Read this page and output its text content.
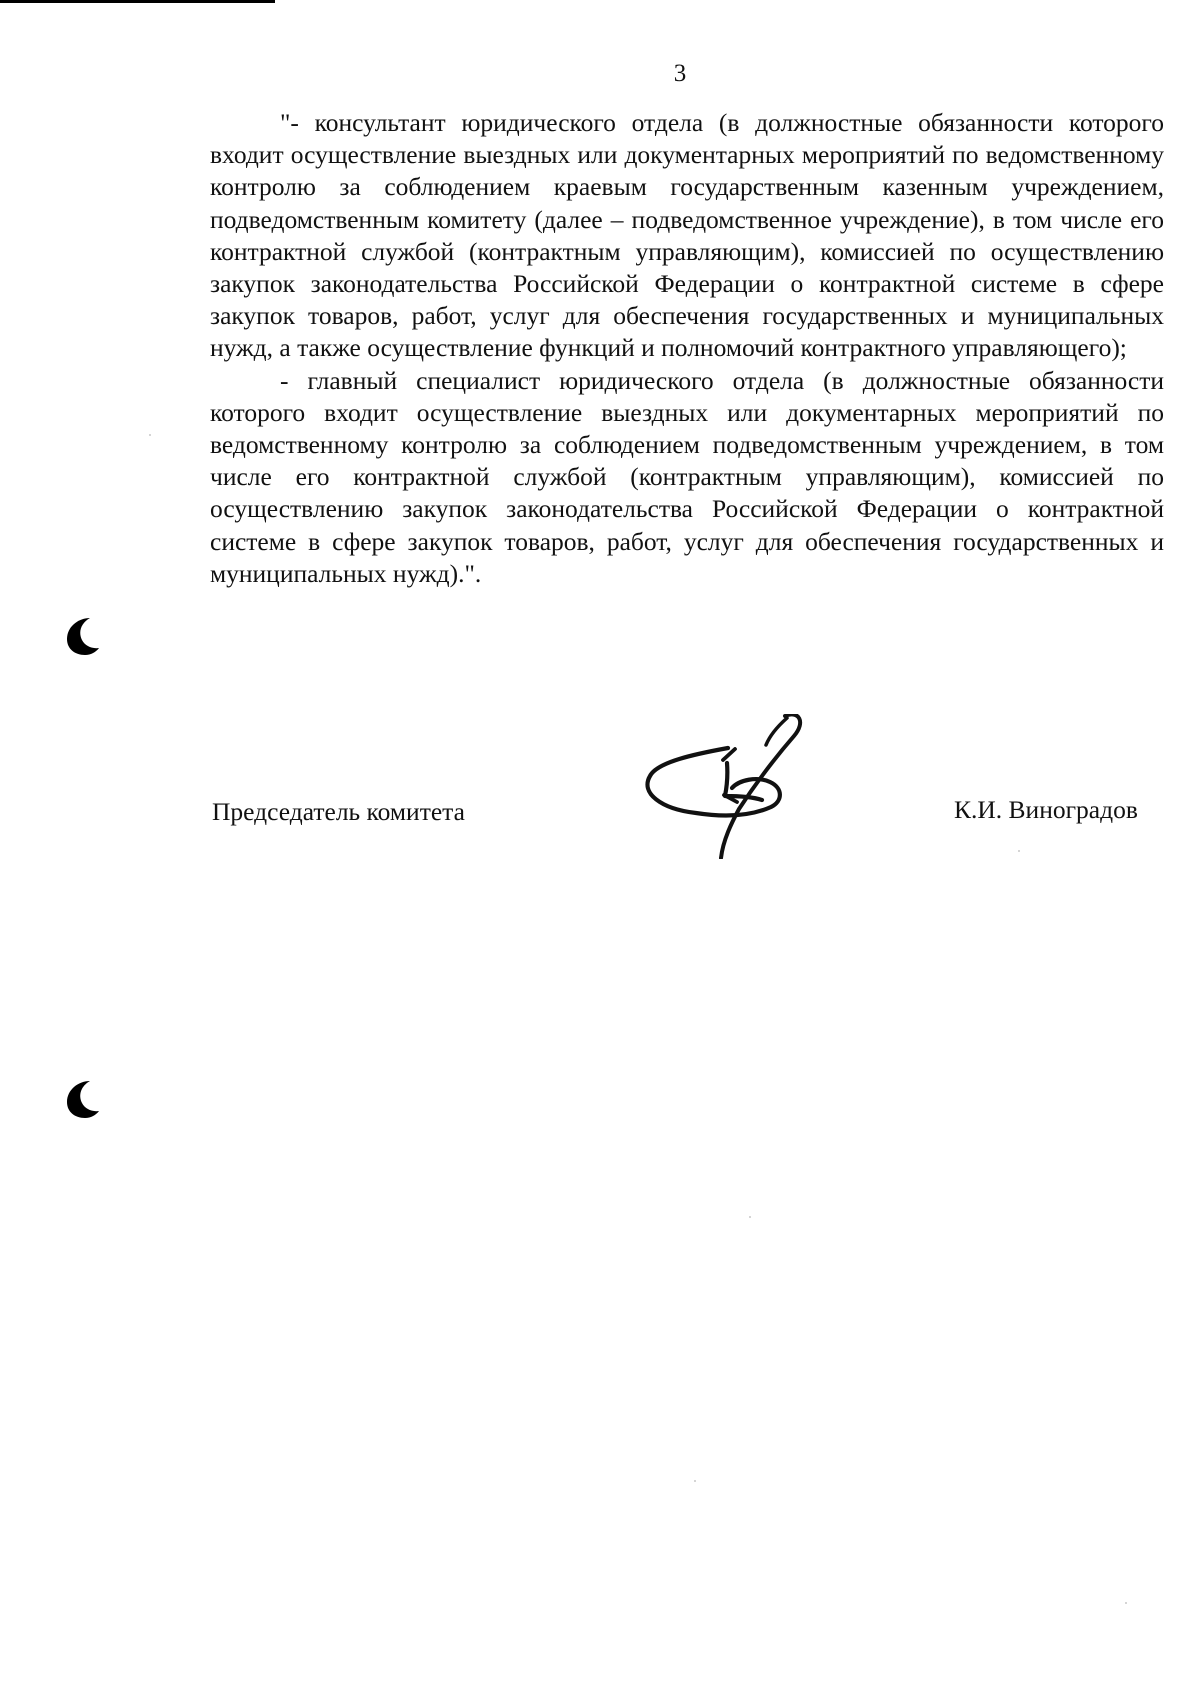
3

"- консультант юридического отдела (в должностные обязанности которого входит осуществление выездных или документарных мероприятий по ведомственному контролю за соблюдением краевым государственным казенным учреждением, подведомственным комитету (далее – подведомственное учреждение), в том числе его контрактной службой (контрактным управляющим), комиссией по осуществлению закупок законодательства Российской Федерации о контрактной системе в сфере закупок товаров, работ, услуг для обеспечения государственных и муниципальных нужд, а также осуществление функций и полномочий контрактного управляющего);

- главный специалист юридического отдела (в должностные обязанности которого входит осуществление выездных или документарных мероприятий по ведомственному контролю за соблюдением подведомственным учреждением, в том числе его контрактной службой (контрактным управляющим), комиссией по осуществлению закупок законодательства Российской Федерации о контрактной системе в сфере закупок товаров, работ, услуг для обеспечения государственных и муниципальных нужд).".

Председатель комитета	К.И. Виноградов
